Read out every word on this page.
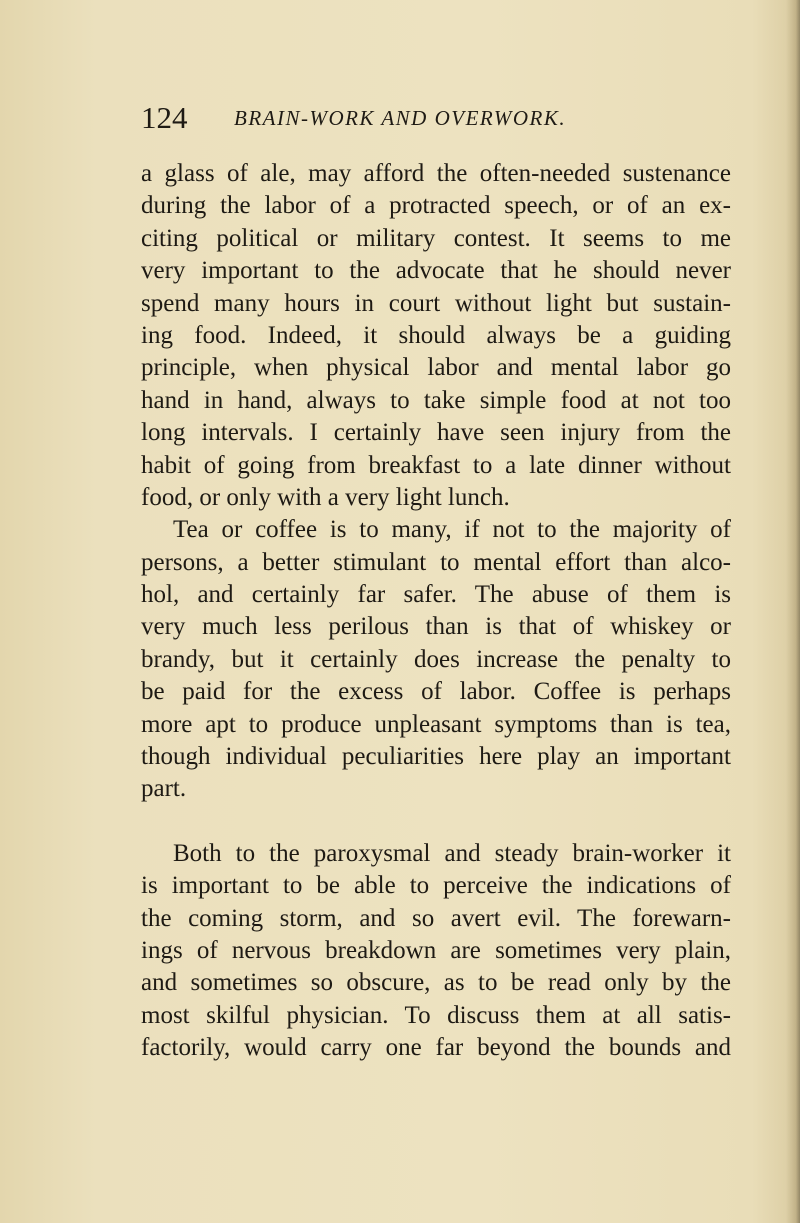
124 BRAIN-WORK AND OVERWORK.
a glass of ale, may afford the often-needed sustenance
during the labor of a protracted speech, or of an ex-
citing political or military contest. It seems to me
very important to the advocate that he should never
spend many hours in court without light but sustain-
ing food. Indeed, it should always be a guiding
principle, when physical labor and mental labor go
hand in hand, always to take simple food at not too
long intervals. I certainly have seen injury from the
habit of going from breakfast to a late dinner without
food, or only with a very light lunch.
Tea or coffee is to many, if not to the majority of
persons, a better stimulant to mental effort than alco-
hol, and certainly far safer. The abuse of them is
very much less perilous than is that of whiskey or
brandy, but it certainly does increase the penalty to
be paid for the excess of labor. Coffee is perhaps
more apt to produce unpleasant symptoms than is tea,
though individual peculiarities here play an important
part.
Both to the paroxysmal and steady brain-worker it
is important to be able to perceive the indications of
the coming storm, and so avert evil. The forewarn-
ings of nervous breakdown are sometimes very plain,
and sometimes so obscure, as to be read only by the
most skilful physician. To discuss them at all satis-
factorily, would carry one far beyond the bounds and
